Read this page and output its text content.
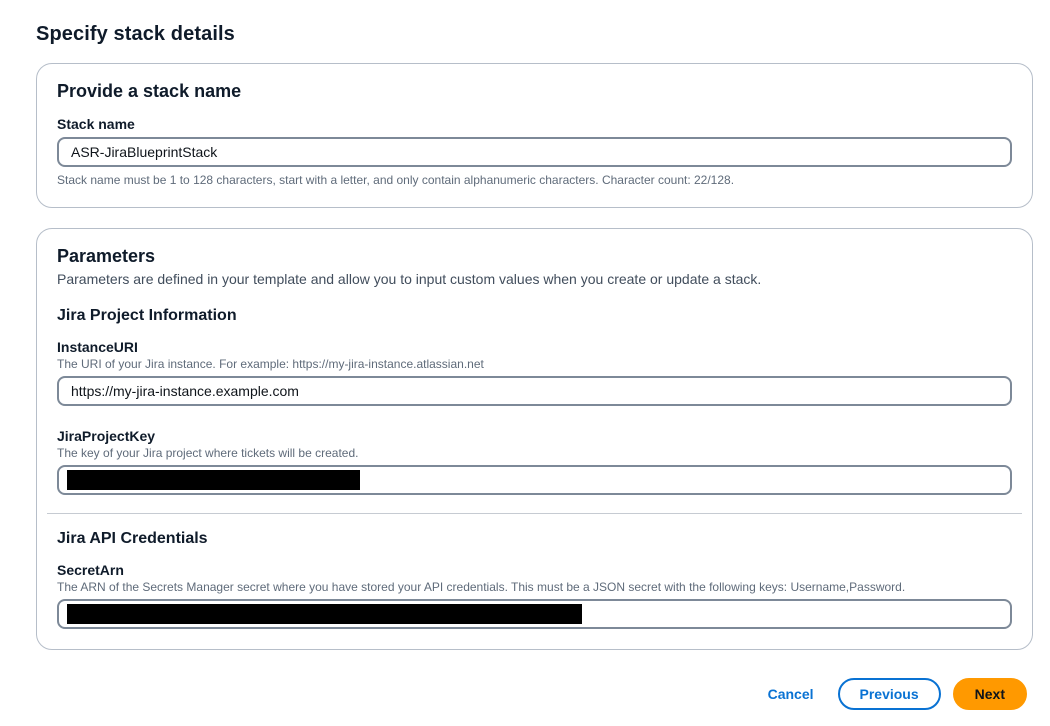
Specify stack details
Provide a stack name
Stack name
ASR-JiraBlueprintStack
Stack name must be 1 to 128 characters, start with a letter, and only contain alphanumeric characters. Character count: 22/128.
Parameters
Parameters are defined in your template and allow you to input custom values when you create or update a stack.
Jira Project Information
InstanceURI
The URI of your Jira instance. For example: https://my-jira-instance.atlassian.net
https://my-jira-instance.example.com
JiraProjectKey
The key of your Jira project where tickets will be created.
Jira API Credentials
SecretArn
The ARN of the Secrets Manager secret where you have stored your API credentials. This must be a JSON secret with the following keys: Username,Password.
Cancel	Previous	Next
